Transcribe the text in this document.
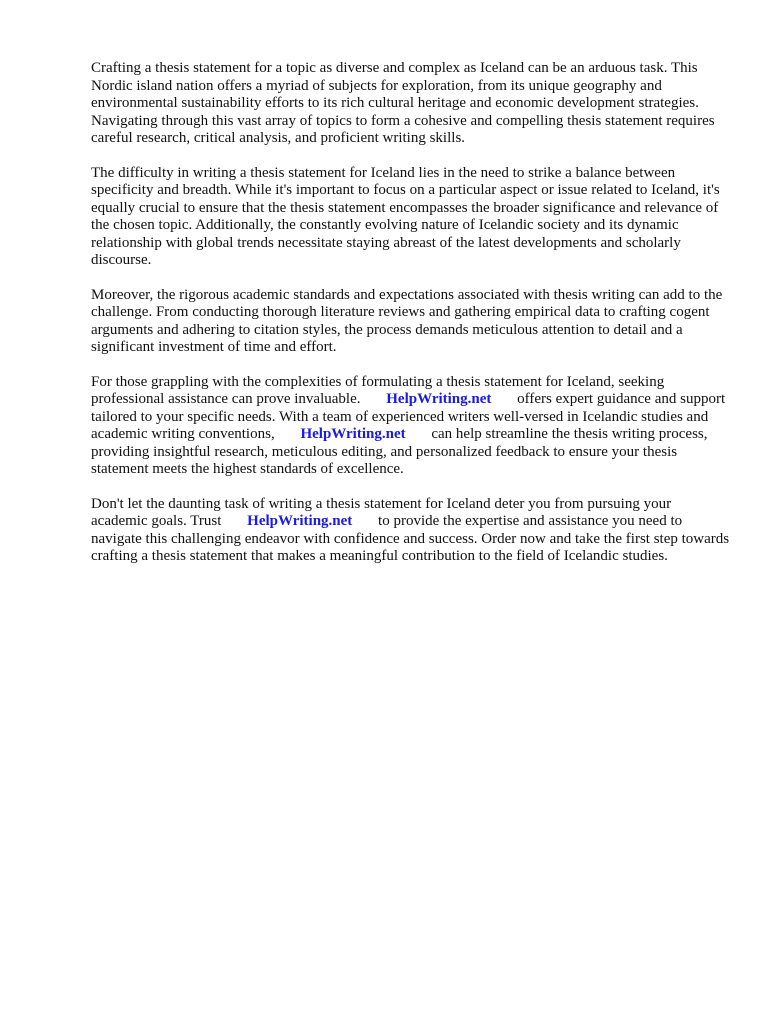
Crafting a thesis statement for a topic as diverse and complex as Iceland can be an arduous task. This Nordic island nation offers a myriad of subjects for exploration, from its unique geography and environmental sustainability efforts to its rich cultural heritage and economic development strategies. Navigating through this vast array of topics to form a cohesive and compelling thesis statement requires careful research, critical analysis, and proficient writing skills.

The difficulty in writing a thesis statement for Iceland lies in the need to strike a balance between specificity and breadth. While it's important to focus on a particular aspect or issue related to Iceland, it's equally crucial to ensure that the thesis statement encompasses the broader significance and relevance of the chosen topic. Additionally, the constantly evolving nature of Icelandic society and its dynamic relationship with global trends necessitate staying abreast of the latest developments and scholarly discourse.

Moreover, the rigorous academic standards and expectations associated with thesis writing can add to the challenge. From conducting thorough literature reviews and gathering empirical data to crafting cogent arguments and adhering to citation styles, the process demands meticulous attention to detail and a significant investment of time and effort.

For those grappling with the complexities of formulating a thesis statement for Iceland, seeking professional assistance can prove invaluable. HelpWriting.net offers expert guidance and support tailored to your specific needs. With a team of experienced writers well-versed in Icelandic studies and academic writing conventions, HelpWriting.net can help streamline the thesis writing process, providing insightful research, meticulous editing, and personalized feedback to ensure your thesis statement meets the highest standards of excellence.

Don't let the daunting task of writing a thesis statement for Iceland deter you from pursuing your academic goals. Trust HelpWriting.net to provide the expertise and assistance you need to navigate this challenging endeavor with confidence and success. Order now and take the first step towards crafting a thesis statement that makes a meaningful contribution to the field of Icelandic studies.
